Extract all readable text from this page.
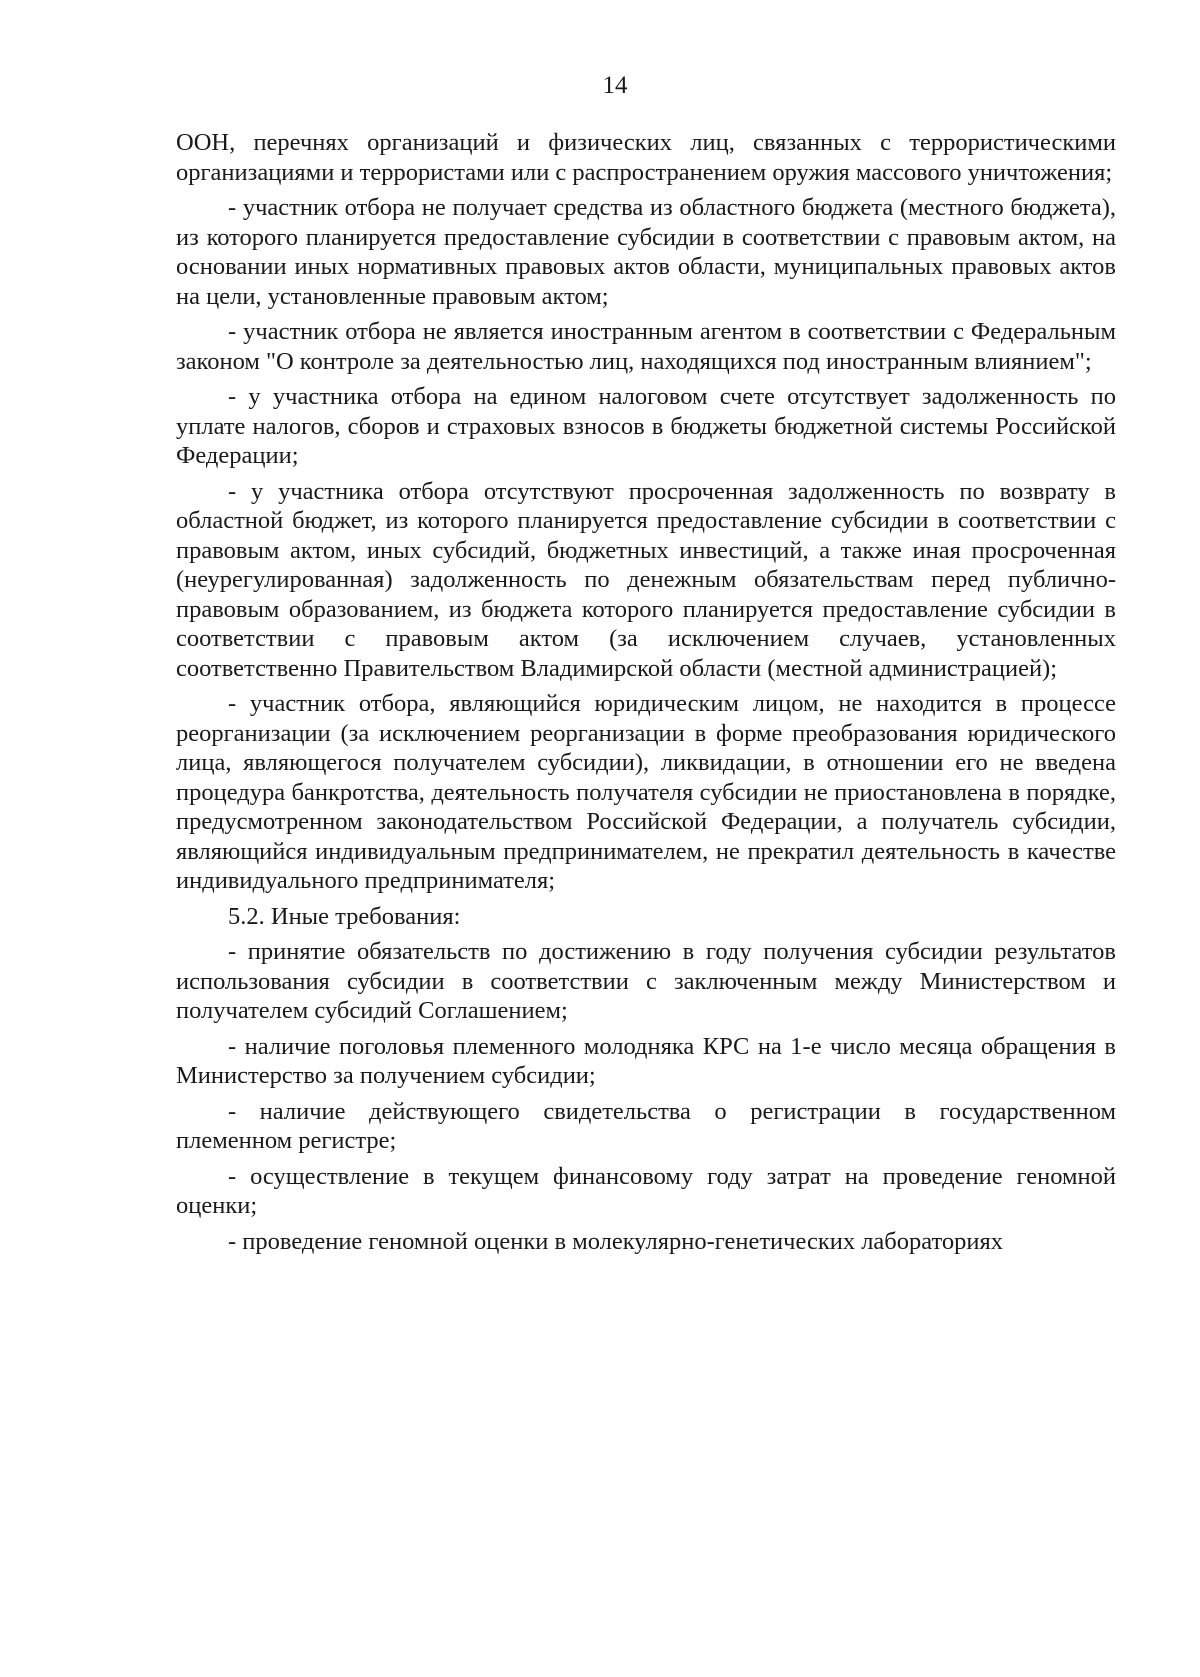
14

ООН, перечнях организаций и физических лиц, связанных с террористическими организациями и террористами или с распространением оружия массового уничтожения;

- участник отбора не получает средства из областного бюджета (местного бюджета), из которого планируется предоставление субсидии в соответствии с правовым актом, на основании иных нормативных правовых актов области, муниципальных правовых актов на цели, установленные правовым актом;

- участник отбора не является иностранным агентом в соответствии с Федеральным законом "О контроле за деятельностью лиц, находящихся под иностранным влиянием";

- у участника отбора на едином налоговом счете отсутствует задолженность по уплате налогов, сборов и страховых взносов в бюджеты бюджетной системы Российской Федерации;

- у участника отбора отсутствуют просроченная задолженность по возврату в областной бюджет, из которого планируется предоставление субсидии в соответствии с правовым актом, иных субсидий, бюджетных инвестиций, а также иная просроченная (неурегулированная) задолженность по денежным обязательствам перед публично-правовым образованием, из бюджета которого планируется предоставление субсидии в соответствии с правовым актом (за исключением случаев, установленных соответственно Правительством Владимирской области (местной администрацией);

- участник отбора, являющийся юридическим лицом, не находится в процессе реорганизации (за исключением реорганизации в форме преобразования юридического лица, являющегося получателем субсидии), ликвидации, в отношении его не введена процедура банкротства, деятельность получателя субсидии не приостановлена в порядке, предусмотренном законодательством Российской Федерации, а получатель субсидии, являющийся индивидуальным предпринимателем, не прекратил деятельность в качестве индивидуального предпринимателя;

5.2. Иные требования:

- принятие обязательств по достижению в году получения субсидии результатов использования субсидии в соответствии с заключенным между Министерством и получателем субсидий Соглашением;

- наличие поголовья племенного молодняка КРС на 1-е число месяца обращения в Министерство за получением субсидии;

- наличие действующего свидетельства о регистрации в государственном племенном регистре;

- осуществление в текущем финансовому году затрат на проведение геномной оценки;

- проведение геномной оценки в молекулярно-генетических лабораториях
